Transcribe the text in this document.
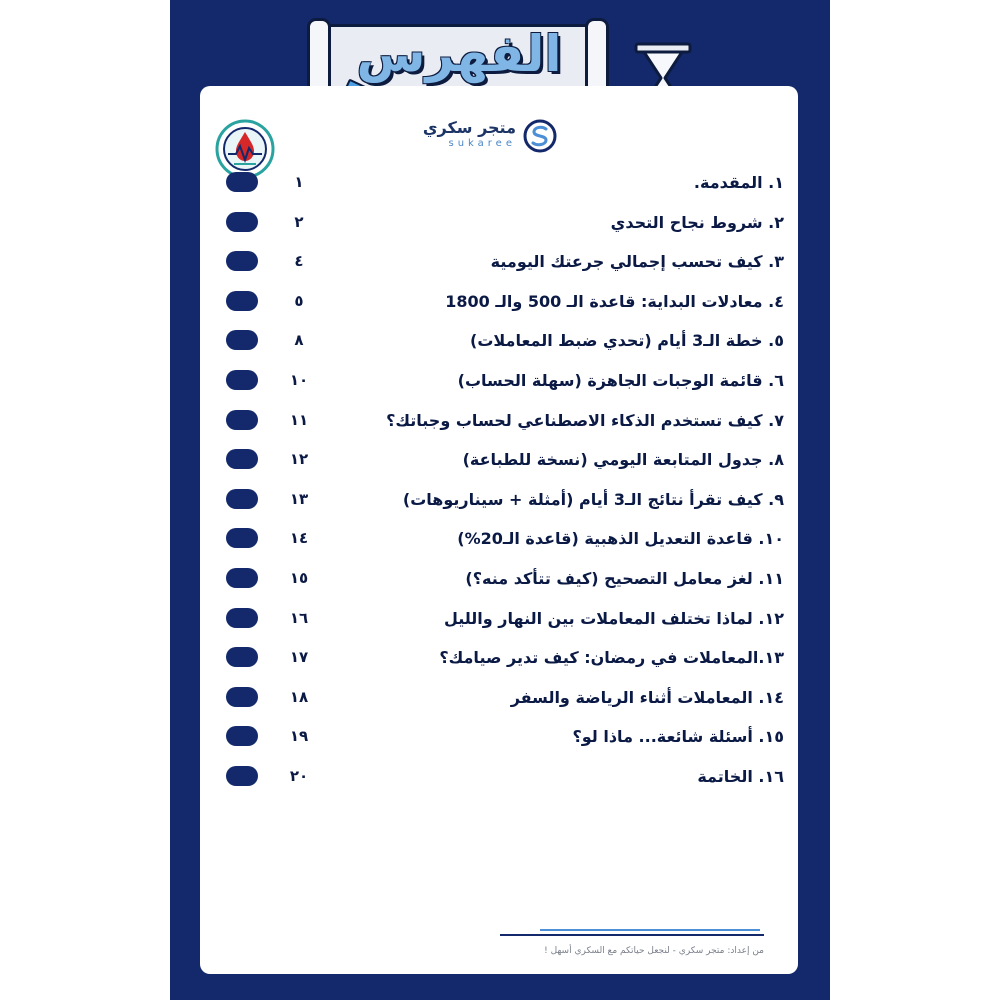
الفهرس
متجر سكري
sukaree
١	١. المقدمة.
٢	٢. شروط نجاح التحدي
٤	٣. كيف تحسب إجمالي جرعتك اليومية
٥	٤. معادلات البداية: قاعدة الـ 500 والـ 1800
٨	٥. خطة الـ3 أيام (تحدي ضبط المعاملات)
١٠	٦. قائمة الوجبات الجاهزة (سهلة الحساب)
١١	٧. كيف تستخدم الذكاء الاصطناعي لحساب وجباتك؟
١٢	٨. جدول المتابعة اليومي (نسخة للطباعة)
١٣	٩. كيف تقرأ نتائج الـ3 أيام (أمثلة + سيناريوهات)
١٤	١٠. قاعدة التعديل الذهبية (قاعدة الـ20%)
١٥	١١. لغز معامل التصحيح (كيف تتأكد منه؟)
١٦	١٢. لماذا تختلف المعاملات بين النهار والليل
١٧	١٣.المعاملات في رمضان: كيف تدير صيامك؟
١٨	١٤. المعاملات أثناء الرياضة والسفر
١٩	١٥. أسئلة شائعة... ماذا لو؟
٢٠	١٦. الخاتمة
من إعداد: متجر سكري - لنجعل حياتكم مع السكري أسهل !
